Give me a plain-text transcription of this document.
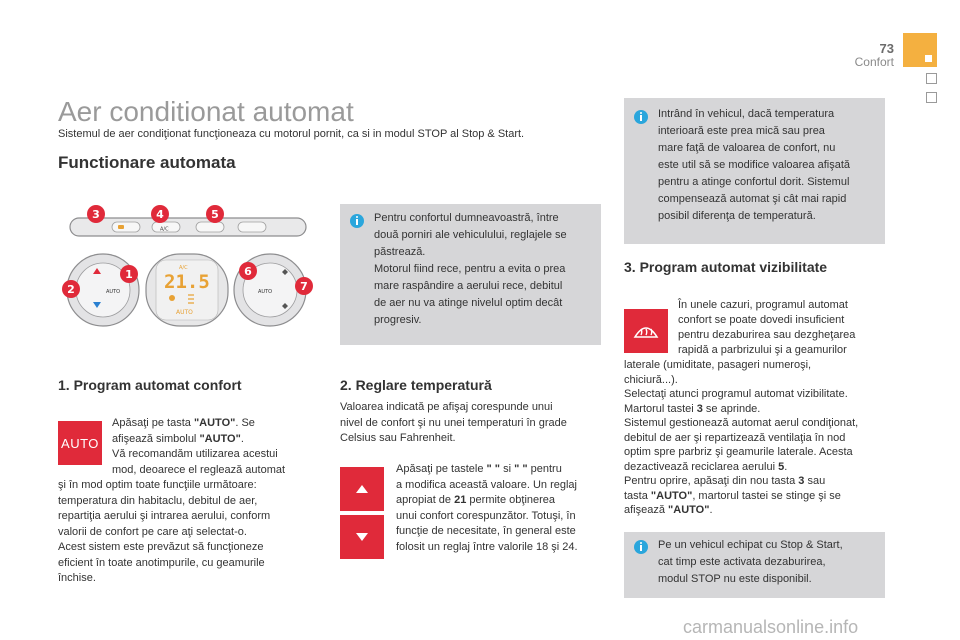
73
Confort
Aer conditionat automat
Sistemul de aer condiţionat funcţioneaza cu motorul pornit, ca si in modul STOP al Stop & Start.
Functionare automata
A/C
AUTO
A/C
21.5
AUTO
AUTO
3	4	5
1
2
6
7
Pentru confortul dumneavoastră, între
două porniri ale vehiculului, reglajele se
păstrează.
Motorul fiind rece, pentru a evita o prea
mare raspândire a aerului rece, debitul
de aer nu va atinge nivelul optim decât
progresiv.
Intrând în vehicul, dacă temperatura
interioară este prea mică sau prea
mare faţă de valoarea de confort, nu
este util să se modifice valoarea afişată
pentru a atinge confortul dorit. Sistemul
compensează automat şi cât mai rapid
posibil diferenţa de temperatură.
Pe un vehicul echipat cu Stop & Start,
cat timp este activata dezaburirea,
modul STOP nu este disponibil.
1. Program automat confort
AUTO
Apăsaţi pe tasta "AUTO". Se
afişează simbolul "AUTO".
Vă recomandăm utilizarea acestui
mod, deoarece el reglează automat
şi în mod optim toate funcţiile următoare:
temperatura din habitaclu, debitul de aer,
repartiţia aerului şi intrarea aerului, conform
valorii de confort pe care aţi selectat-o.
Acest sistem este prevăzut să funcţioneze
eficient în toate anotimpurile, cu geamurile
închise.
2. Reglare temperatură
Valoarea indicată pe afişaj corespunde unui
nivel de confort şi nu unei temperaturi în grade
Celsius sau Fahrenheit.
Apăsaţi pe tastele " " si " " pentru
a modifica această valoare. Un reglaj
apropiat de 21 permite obţinerea
unui confort corespunzător. Totuşi, în
funcţie de necesitate, în general este
folosit un reglaj între valorile 18 şi 24.
3. Program automat vizibilitate
În unele cazuri, programul automat
confort se poate dovedi insuficient
pentru dezaburirea sau dezgheţarea
rapidă a parbrizului şi a geamurilor
laterale (umiditate, pasageri numeroşi,
chiciură...).
Selectaţi atunci programul automat vizibilitate.
Martorul tastei 3 se aprinde.
Sistemul gestionează automat aerul condiţionat,
debitul de aer şi repartizează ventilaţia în nod
optim spre parbriz şi geamurile laterale. Acesta
dezactivează reciclarea aerului 5.
Pentru oprire, apăsaţi din nou tasta 3 sau
tasta "AUTO", martorul tastei se stinge şi se
afişează "AUTO".
carmanualsonline.info
